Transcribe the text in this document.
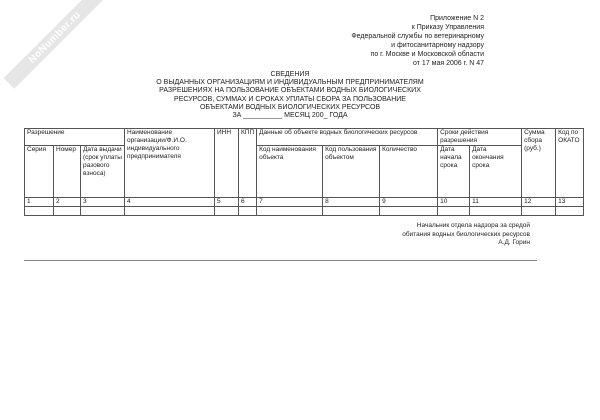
NoNumber.ru	Приложение N 2
к Приказу Управления
Федеральной службы по ветеринарному
и фитосанитарному надзору
по г. Москве и Московской области
от 17 мая 2006 г. N 47
СВЕДЕНИЯ
О ВЫДАННЫХ ОРГАНИЗАЦИЯМ И ИНДИВИДУАЛЬНЫМ ПРЕДПРИНИМАТЕЛЯМ
РАЗРЕШЕНИЯХ НА ПОЛЬЗОВАНИЕ ОБЪЕКТАМИ ВОДНЫХ БИОЛОГИЧЕСКИХ
РЕСУРСОВ, СУММАХ И СРОКАХ УПЛАТЫ СБОРА ЗА ПОЛЬЗОВАНИЕ
ОБЪЕКТАМИ ВОДНЫХ БИОЛОГИЧЕСКИХ РЕСУРСОВ
ЗА __________ МЕСЯЦ 200_ ГОДА
Разрешение			Наименование организации/Ф.И.О. индивидуального предпринимателя	ИНН	КПП	Данные об объекте водных биологических ресурсов			Сроки действия разрешения		Сумма сбора (руб.)	Код по ОКАТО
Серия	Номер	Дата выдачи (срок уплаты разового взноса)				Код наименования объекта	Код пользования объектом	Количество	Дата начала срока	Дата окончания срока		
1	2	3	4	5	6	7	8	9	10	11	12	13

Начальник отдела надзора за средой
обитания водных биологических ресурсов
А.Д. Горин
